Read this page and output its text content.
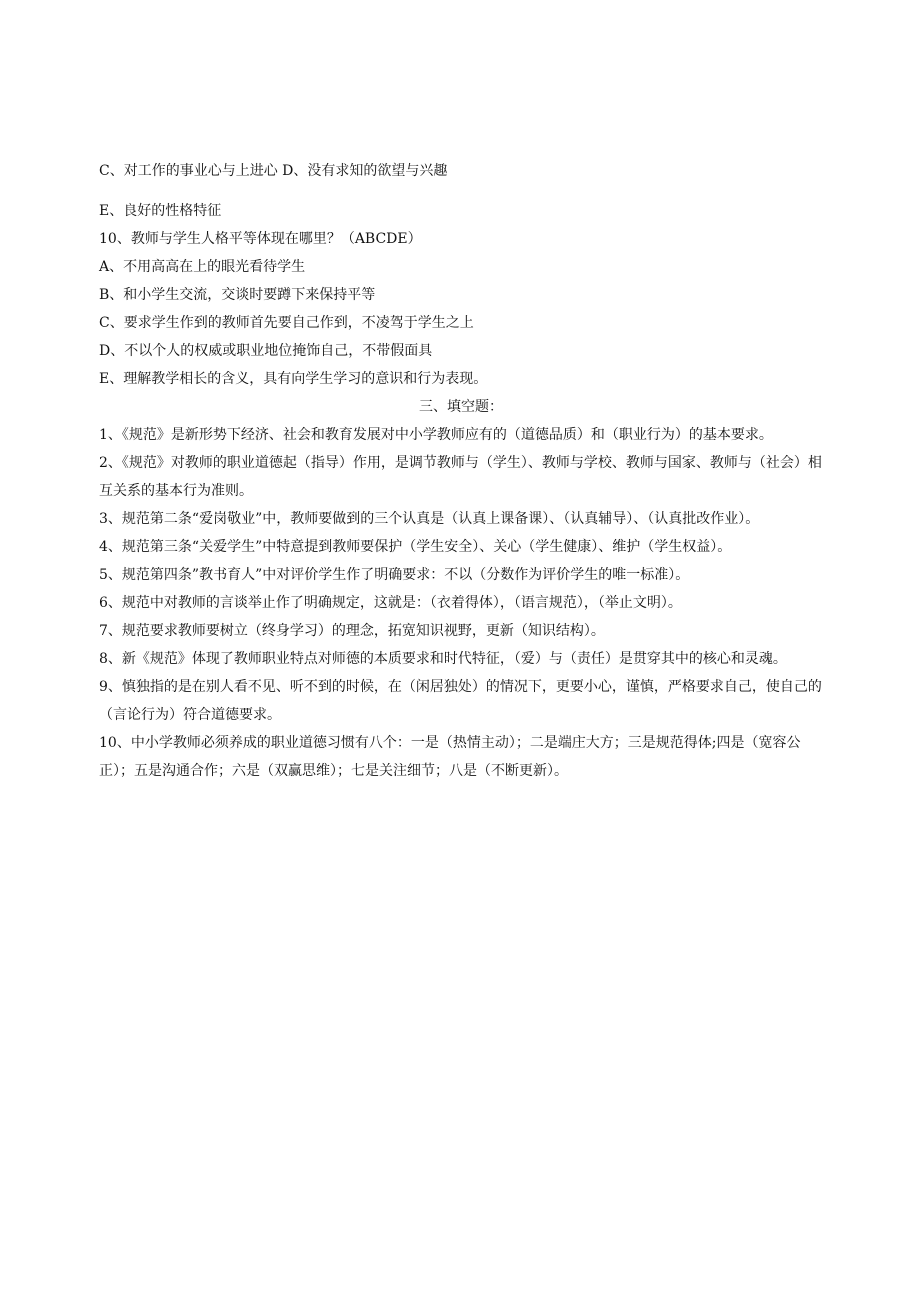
C、对工作的事业心与上进心 D、没有求知的欲望与兴趣

E、良好的性格特征

10、教师与学生人格平等体现在哪里？（ABCDE）

A、不用高高在上的眼光看待学生

B、和小学生交流，交谈时要蹲下来保持平等

C、要求学生作到的教师首先要自己作到，不凌驾于学生之上

D、不以个人的权威或职业地位掩饰自己，不带假面具

E、理解教学相长的含义，具有向学生学习的意识和行为表现。

三、填空题：

1、《规范》是新形势下经济、社会和教育发展对中小学教师应有的（道德品质）和（职业行为）的基本要求。

2、《规范》对教师的职业道德起（指导）作用，是调节教师与（学生）、教师与学校、教师与国家、教师与（社会）相互关系的基本行为准则。

3、规范第二条“爱岗敬业”中，教师要做到的三个认真是（认真上课备课）、（认真辅导）、（认真批改作业）。

4、规范第三条“关爱学生”中特意提到教师要保护（学生安全）、关心（学生健康）、维护（学生权益）。

5、规范第四条”教书育人”中对评价学生作了明确要求：不以（分数作为评价学生的唯一标准）。

6、规范中对教师的言谈举止作了明确规定，这就是：（衣着得体），（语言规范），（举止文明）。

7、规范要求教师要树立（终身学习）的理念，拓宽知识视野，更新（知识结构）。

8、新《规范》体现了教师职业特点对师德的本质要求和时代特征，（爱）与（责任）是贯穿其中的核心和灵魂。

9、慎独指的是在别人看不见、听不到的时候，在（闲居独处）的情况下，更要小心，谨慎，严格要求自己，使自己的（言论行为）符合道德要求。

10、中小学教师必须养成的职业道德习惯有八个：一是（热情主动）；二是端庄大方；三是规范得体;四是（宽容公正）；五是沟通合作；六是（双赢思维）；七是关注细节；八是（不断更新）。
